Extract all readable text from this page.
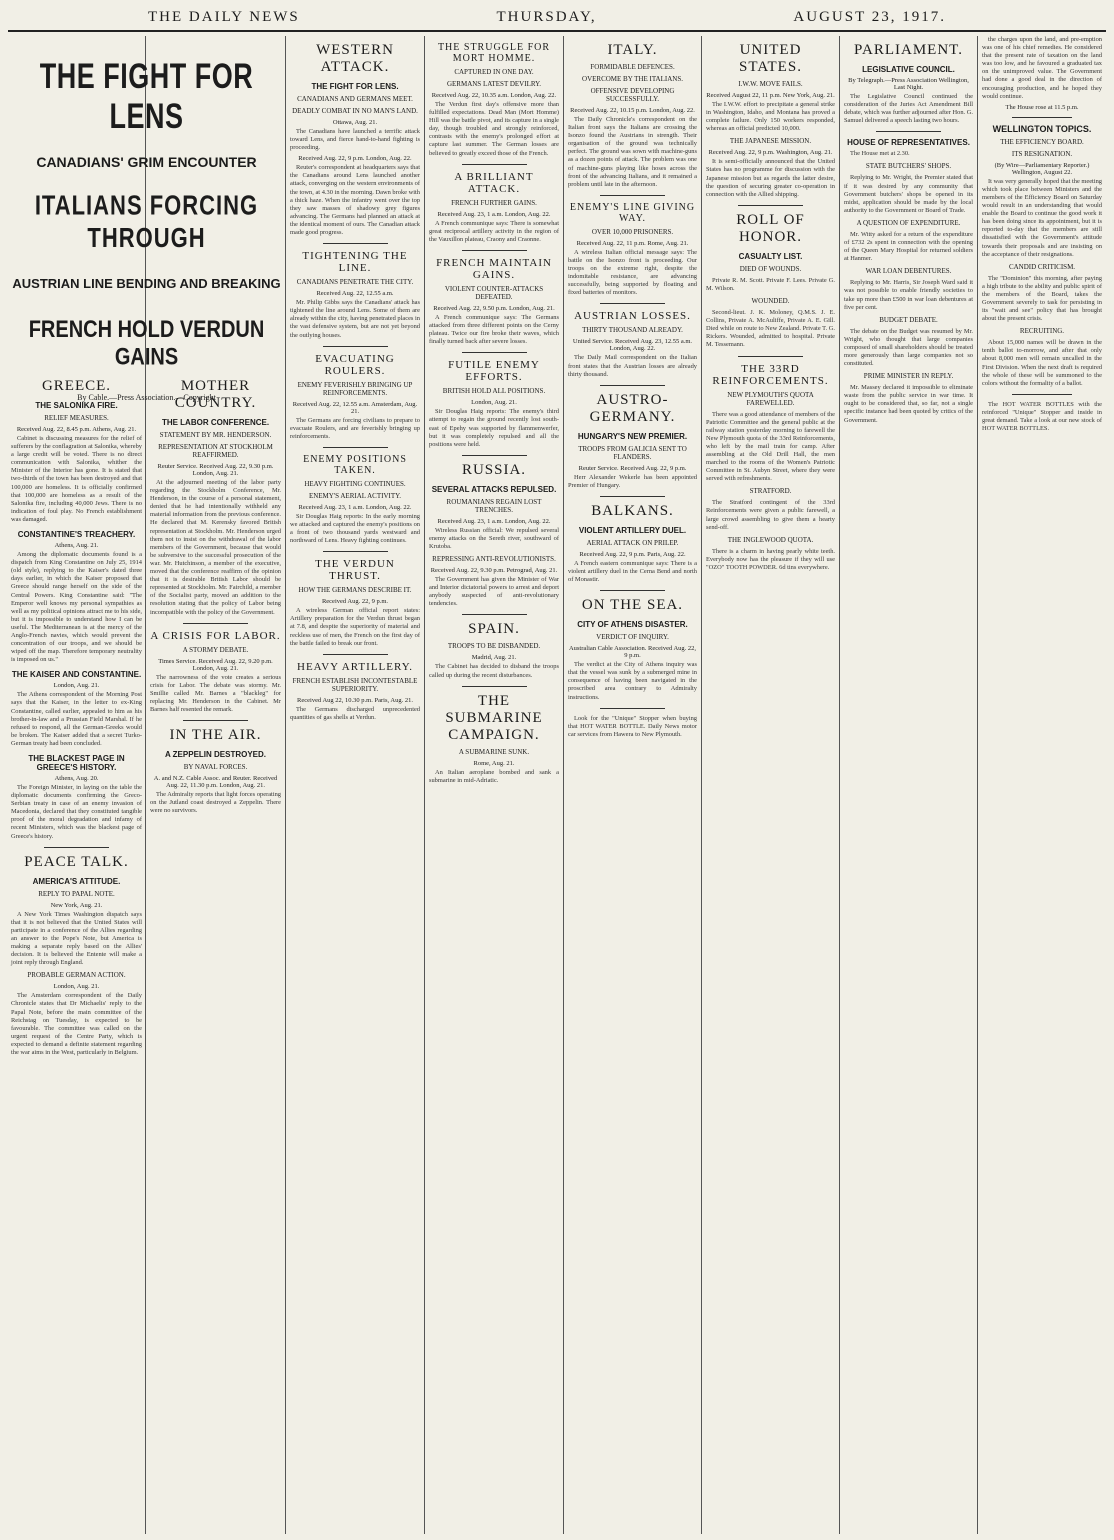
THE DAILY NEWS	THURSDAY,	AUGUST 23, 1917.
THE FIGHT FOR LENS
CANADIANS' GRIM ENCOUNTER
ITALIANS FORCING THROUGH
AUSTRIAN LINE BENDING AND BREAKING
FRENCH HOLD VERDUN GAINS
By Cable.—Press Association.—Copyright
GREECE.
THE SALONIKA FIRE.
RELIEF MEASURES.
Received Aug. 22, 8.45 p.m. Athens, Aug. 21.

Cabinet is discussing measures for the relief of sufferers by the conflagration at Salonika, whereby a large credit will be voted. There is no direct communication with Salonika, whither the Minister of the Interior has gone. It is stated that two-thirds of the town has been destroyed and that 100,000 are homeless. It is officially confirmed that 100,000 are homeless as a result of the Salonika fire, including 40,000 Jews. There is no indication of foul play. No French establishment was damaged.

CONSTANTINE'S TREACHERY.
Athens, Aug. 21.

Among the diplomatic documents found is a dispatch from King Constantine on July 25, 1914 (old style), replying to the Kaiser's dated three days earlier, in which the Kaiser proposed that Greece should range herself on the side of the Central Powers. King Constantine said: "The Emperor well knows my personal sympathies as well as my political opinions attract me to his side, but it is impossible to understand how I can be useful. The Mediterranean is at the mercy of the Anglo-French navies, which would prevent the concentration of our troops, and we should be wiped off the map. Therefore temporary neutrality is imposed on us."

THE KAISER AND CONSTANTINE.
London, Aug. 21.

The Athens correspondent of the Morning Post says that the Kaiser, in the letter to ex-King Constantine, called earlier, appealed to him as his brother-in-law and a Prussian Field Marshal. If he refused to respond, all the German-Greeks would be broken. The Kaiser added that a secret Turko-German treaty had been concluded.

THE BLACKEST PAGE IN GREECE'S HISTORY.
Athens, Aug. 20.

The Foreign Minister, in laying on the table the diplomatic documents confirming the Greco-Serbian treaty in case of an enemy invasion of Macedonia, declared that they constituted tangible proof of the moral degradation and infamy of recent Ministers, which was the blackest page of Greece's history.

PEACE TALK.
AMERICA'S ATTITUDE.
REPLY TO PAPAL NOTE.
New York, Aug. 21.

A New York Times Washington dispatch says that it is not believed that the United States will participate in a conference of the Allies regarding an answer to the Pope's Note, but America is making a separate reply based on the Allies' decision. It is believed the Entente will make a joint reply through England.

PROBABLE GERMAN ACTION.
London, Aug. 21.

The Amsterdam correspondent of the Daily Chronicle states that Dr Michaelis' reply to the Papal Note, before the main committee of the Reichstag on Tuesday, is expected to be favourable. The committee was called on the urgent request of the Centre Party, which is expected to demand a definite statement regarding the war aims in the West, particularly in Belgium.

MOTHER COUNTRY.
THE LABOR CONFERENCE.
STATEMENT BY MR. HENDERSON.
REPRESENTATION AT STOCKHOLM REAFFIRMED.
Reuter Service. Received Aug. 22, 9.30 p.m. London, Aug. 21.

At the adjourned meeting of the labor party regarding the Stockholm Conference, Mr. Henderson, in the course of a personal statement, denied that he had intentionally withheld any material information from the previous conference. He declared that M. Kerensky favored British representation at Stockholm. Mr. Henderson urged them not to insist on the withdrawal of the labor members of the Government, because that would be subversive to the successful prosecution of the war. Mr. Hutchinson, a member of the executive, moved that the conference reaffirm of the opinion that it is desirable British Labor should be represented at Stockholm. Mr. Fairchild, a member of the Socialist party, moved an addition to the resolution stating that the policy of Labor being incompatible with the policy of the Government.

A CRISIS FOR LABOR.
A STORMY DEBATE.
Times Service. Received Aug. 22, 9.20 p.m. London, Aug. 21.

The narrowness of the vote creates a serious crisis for Labor. The debate was stormy. Mr. Smillie called Mr. Barnes a "blackleg" for replacing Mr. Henderson in the Cabinet. Mr Barnes half resented the remark.

IN THE AIR.
A ZEPPELIN DESTROYED.
BY NAVAL FORCES.
A. and N.Z. Cable Assoc. and Reuter. Received Aug. 22, 11.30 p.m. London, Aug. 21.

The Admiralty reports that light forces operating on the Jutland coast destroyed a Zeppelin. There were no survivors.

WESTERN ATTACK.
THE FIGHT FOR LENS.
CANADIANS AND GERMANS MEET.
DEADLY COMBAT IN NO MAN'S LAND.
Ottawa, Aug. 21.

The Canadians have launched a terrific attack toward Lens, and fierce hand-to-hand fighting is proceeding.

Received Aug. 22, 9 p.m. London, Aug. 22.

Reuter's correspondent at headquarters says that the Canadians around Lens launched another attack, converging on the western environments of the town, at 4.30 in the morning. Dawn broke with a thick haze. When the infantry went over the top they saw masses of shadowy grey figures advancing. The Germans had planned an attack at the identical moment of ours. The Canadian attack made good progress.

TIGHTENING THE LINE.
CANADIANS PENETRATE THE CITY.
Received Aug. 22, 12.55 a.m.

Mr. Philip Gibbs says the Canadians' attack has tightened the line around Lens. Some of them are already within the city, having penetrated places in the vast defensive system, but are not yet beyond the outlying houses.

EVACUATING ROULERS.
ENEMY FEVERISHLY BRINGING UP REINFORCEMENTS.
Received Aug. 22, 12.55 a.m. Amsterdam, Aug. 21.

The Germans are forcing civilians to prepare to evacuate Roulers, and are feverishly bringing up reinforcements.

ENEMY POSITIONS TAKEN.
HEAVY FIGHTING CONTINUES.
ENEMY'S AERIAL ACTIVITY.
Received Aug. 23, 1 a.m. London, Aug. 22.

Sir Douglas Haig reports: In the early morning we attacked and captured the enemy's positions on a front of two thousand yards westward and northward of Lens. Heavy fighting continues.

THE VERDUN THRUST.
HOW THE GERMANS DESCRIBE IT.
Received Aug. 22, 9 p.m.

A wireless German official report states: Artillery preparation for the Verdun thrust began at 7.8, and despite the superiority of material and reckless use of men, the French on the first day of the battle failed to break our front.

HEAVY ARTILLERY.
FRENCH ESTABLISH INCONTESTABLE SUPERIORITY.
Received Aug 22, 10.30 p.m. Paris, Aug. 21.

The Germans discharged unprecedented quantities of gas shells at Verdun.

THE STRUGGLE FOR MORT HOMME.
CAPTURED IN ONE DAY.
GERMANS LATEST DEVILRY.
Received Aug. 22, 10.35 a.m. London, Aug. 22.

The Verdun first day's offensive more than fulfilled expectations. Dead Man (Mort Homme) Hill was the battle pivot, and its capture in a single day, though troubled and strongly reinforced, contrasts with the enemy's prolonged effort at capture last summer. The German losses are believed to greatly exceed those of the French.

A BRILLIANT ATTACK.
FRENCH FURTHER GAINS.
Received Aug. 23, 1 a.m. London, Aug. 22.

A French communique says: There is somewhat great reciprocal artillery activity in the region of the Vauxillon plateau, Craony and Craonne.

FRENCH MAINTAIN GAINS.
VIOLENT COUNTER-ATTACKS DEFEATED.
Received Aug. 22, 9.50 p.m. London, Aug. 21.

A French communique says: The Germans attacked from three different points on the Cerny plateau. Twice our fire broke their waves, which finally turned back after severe losses.

FUTILE ENEMY EFFORTS.
BRITISH HOLD ALL POSITIONS.
London, Aug. 21.

Sir Douglas Haig reports: The enemy's third attempt to regain the ground recently lost south-east of Epehy was supported by flammenwerfer, but it was completely repulsed and all the positions were held.

RUSSIA.
SEVERAL ATTACKS REPULSED.
ROUMANIANS REGAIN LOST TRENCHES.
Received Aug. 23, 1 a.m. London, Aug. 22.

Wireless Russian official: We repulsed several enemy attacks on the Sereth river, southward of Krutoba.

REPRESSING ANTI-REVOLUTIONISTS.
Received Aug. 22, 9.30 p.m. Petrograd, Aug. 21.

The Government has given the Minister of War and Interior dictatorial powers to arrest and deport anybody suspected of anti-revolutionary tendencies.

SPAIN.
TROOPS TO BE DISBANDED.
Madrid, Aug. 21.

The Cabinet has decided to disband the troops called up during the recent disturbances.

THE SUBMARINE CAMPAIGN.
A SUBMARINE SUNK.
Rome, Aug. 21.

An Italian aeroplane bombed and sank a submarine in mid-Adriatic.

ITALY.
FORMIDABLE DEFENCES.
OVERCOME BY THE ITALIANS.
OFFENSIVE DEVELOPING SUCCESSFULLY.
Received Aug. 22, 10.15 p.m. London, Aug. 22.

The Daily Chronicle's correspondent on the Italian front says the Italians are crossing the Isonzo found the Austrians in strength. Their organisation of the ground was technically perfect. The ground was sown with machine-guns as a dozen points of attack. The problem was one of machine-guns playing like hoses across the front of the advancing Italians, and it remained a problem until late in the afternoon.

ENEMY'S LINE GIVING WAY.
OVER 10,000 PRISONERS.
Received Aug. 22, 11 p.m. Rome, Aug. 21.

A wireless Italian official message says: The battle on the Isonzo front is proceeding. Our troops on the extreme right, despite the indomitable resistance, are advancing successfully, being supported by floating and fixed batteries of monitors.

AUSTRIAN LOSSES.
THIRTY THOUSAND ALREADY.
United Service. Received Aug. 23, 12.55 a.m. London, Aug. 22.

The Daily Mail correspondent on the Italian front states that the Austrian losses are already thirty thousand.

AUSTRO-GERMANY.
HUNGARY'S NEW PREMIER.
TROOPS FROM GALICIA SENT TO FLANDERS.
Reuter Service. Received Aug. 22, 9 p.m.

Herr Alexander Wekerle has been appointed Premier of Hungary.

BALKANS.
VIOLENT ARTILLERY DUEL.
AERIAL ATTACK ON PRILEP.
Received Aug. 22, 9 p.m. Paris, Aug. 22.

A French eastern communique says: There is a violent artillery duel in the Cerna Bend and north of Monastir.

ON THE SEA.
CITY OF ATHENS DISASTER.
VERDICT OF INQUIRY.
Australian Cable Association. Received Aug. 22, 9 p.m.

The verdict at the City of Athens inquiry was that the vessel was sunk by a submerged mine in consequence of having been navigated in the proscribed area contrary to Admiralty instructions.

Look for the "Unique" Stopper when buying that HOT WATER BOTTLE. Daily News motor car services from Hawera to New Plymouth.

UNITED STATES.
I.W.W. MOVE FAILS.
Received August 22, 11 p.m. New York, Aug. 21.

The I.W.W. effort to precipitate a general strike in Washington, Idaho, and Montana has proved a complete failure. Only 150 workers responded, whereas an official predicted 10,000.

THE JAPANESE MISSION.
Received Aug. 22, 9 p.m. Washington, Aug. 21.

It is semi-officially announced that the United States has no programme for discussion with the Japanese mission but as regards the latter desire, the question of securing greater co-operation in connection with the Allied shipping.

ROLL OF HONOR.
CASUALTY LIST.
DIED OF WOUNDS.

Private R. M. Scott. Private F. Lees. Private G. M. Wilson.

WOUNDED.

Second-lieut. J. K. Moloney, Q.M.S. J. E. Collins, Private A. McAuliffe, Private A. E. Gill. Died while on route to New Zealand. Private T. G. Rickers. Wounded, admitted to hospital. Private M. Tessemann.

THE 33RD REINFORCEMENTS.
NEW PLYMOUTH'S QUOTA FAREWELLED.

There was a good attendance of members of the Patriotic Committee and the general public at the railway station yesterday morning to farewell the New Plymouth quota of the 33rd Reinforcements, who left by the mail train for camp. After assembling at the Old Drill Hall, the men marched to the rooms of the Women's Patriotic Committee in St. Aubyn Street, where they were served with refreshments.

STRATFORD.

The Stratford contingent of the 33rd Reinforcements were given a public farewell, a large crowd assembling to give them a hearty send-off.

THE INGLEWOOD QUOTA.

There is a charm in having pearly white teeth. Everybody now has the pleasure if they will use "OZO" TOOTH POWDER. 6d tins everywhere.

PARLIAMENT.
LEGISLATIVE COUNCIL.
By Telegraph.—Press Association Wellington, Last Night.

The Legislative Council continued the consideration of the Juries Act Amendment Bill debate, which was further adjourned after Hon. G. Samuel delivered a speech lasting two hours.

HOUSE OF REPRESENTATIVES.

The House met at 2.30.

STATE BUTCHERS' SHOPS.

Replying to Mr. Wright, the Premier stated that if it was desired by any community that Government butchers' shops be opened in its midst, application should be made by the local authority to the Government or Board of Trade.

A QUESTION OF EXPENDITURE.

Mr. Witty asked for a return of the expenditure of £732 2s spent in connection with the opening of the Queen Mary Hospital for returned soldiers at Hanmer.

WAR LOAN DEBENTURES.

Replying to Mr. Harris, Sir Joseph Ward said it was not possible to enable friendly societies to take up more than £500 in war loan debentures at five per cent.

BUDGET DEBATE.

The debate on the Budget was resumed by Mr. Wright, who thought that large companies composed of small shareholders should be treated more generously than large companies not so constituted.

PRIME MINISTER IN REPLY.

Mr. Massey declared it impossible to eliminate waste from the public service in war time. It ought to be considered that, so far, not a single specific instance had been quoted by critics of the Government.

the charges upon the land, and pre-emption was one of his chief remedies. He considered that the present rate of taxation on the land was too low, and he favoured a graduated tax on the unimproved value. The Government had done a good deal in the direction of encouraging production, and he hoped they would continue.

The House rose at 11.5 p.m.
WELLINGTON TOPICS.
THE EFFICIENCY BOARD.
ITS RESIGNATION.
(By Wire—Parliamentary Reporter.) Wellington, August 22.

It was very generally hoped that the meeting which took place between Ministers and the members of the Efficiency Board on Saturday would result in an understanding that would enable the Board to continue the good work it has been doing since its appointment, but it is reported to-day that the members are still dissatisfied with the Government's attitude towards their proposals and are insisting on the acceptance of their resignations.

CANDID CRITICISM.

The "Dominion" this morning, after paying a high tribute to the ability and public spirit of the members of the Board, takes the Government severely to task for persisting in its "wait and see" policy that has brought about the present crisis.

RECRUITING.

About 15,000 names will be drawn in the tenth ballot to-morrow, and after that only about 8,000 men will remain uncalled in the First Division. When the next draft is required the whole of these will be summoned to the colors without the formality of a ballot.

The HOT WATER BOTTLES with the reinforced "Unique" Stopper and inside in great demand. Take a look at our new stock of HOT WATER BOTTLES.
